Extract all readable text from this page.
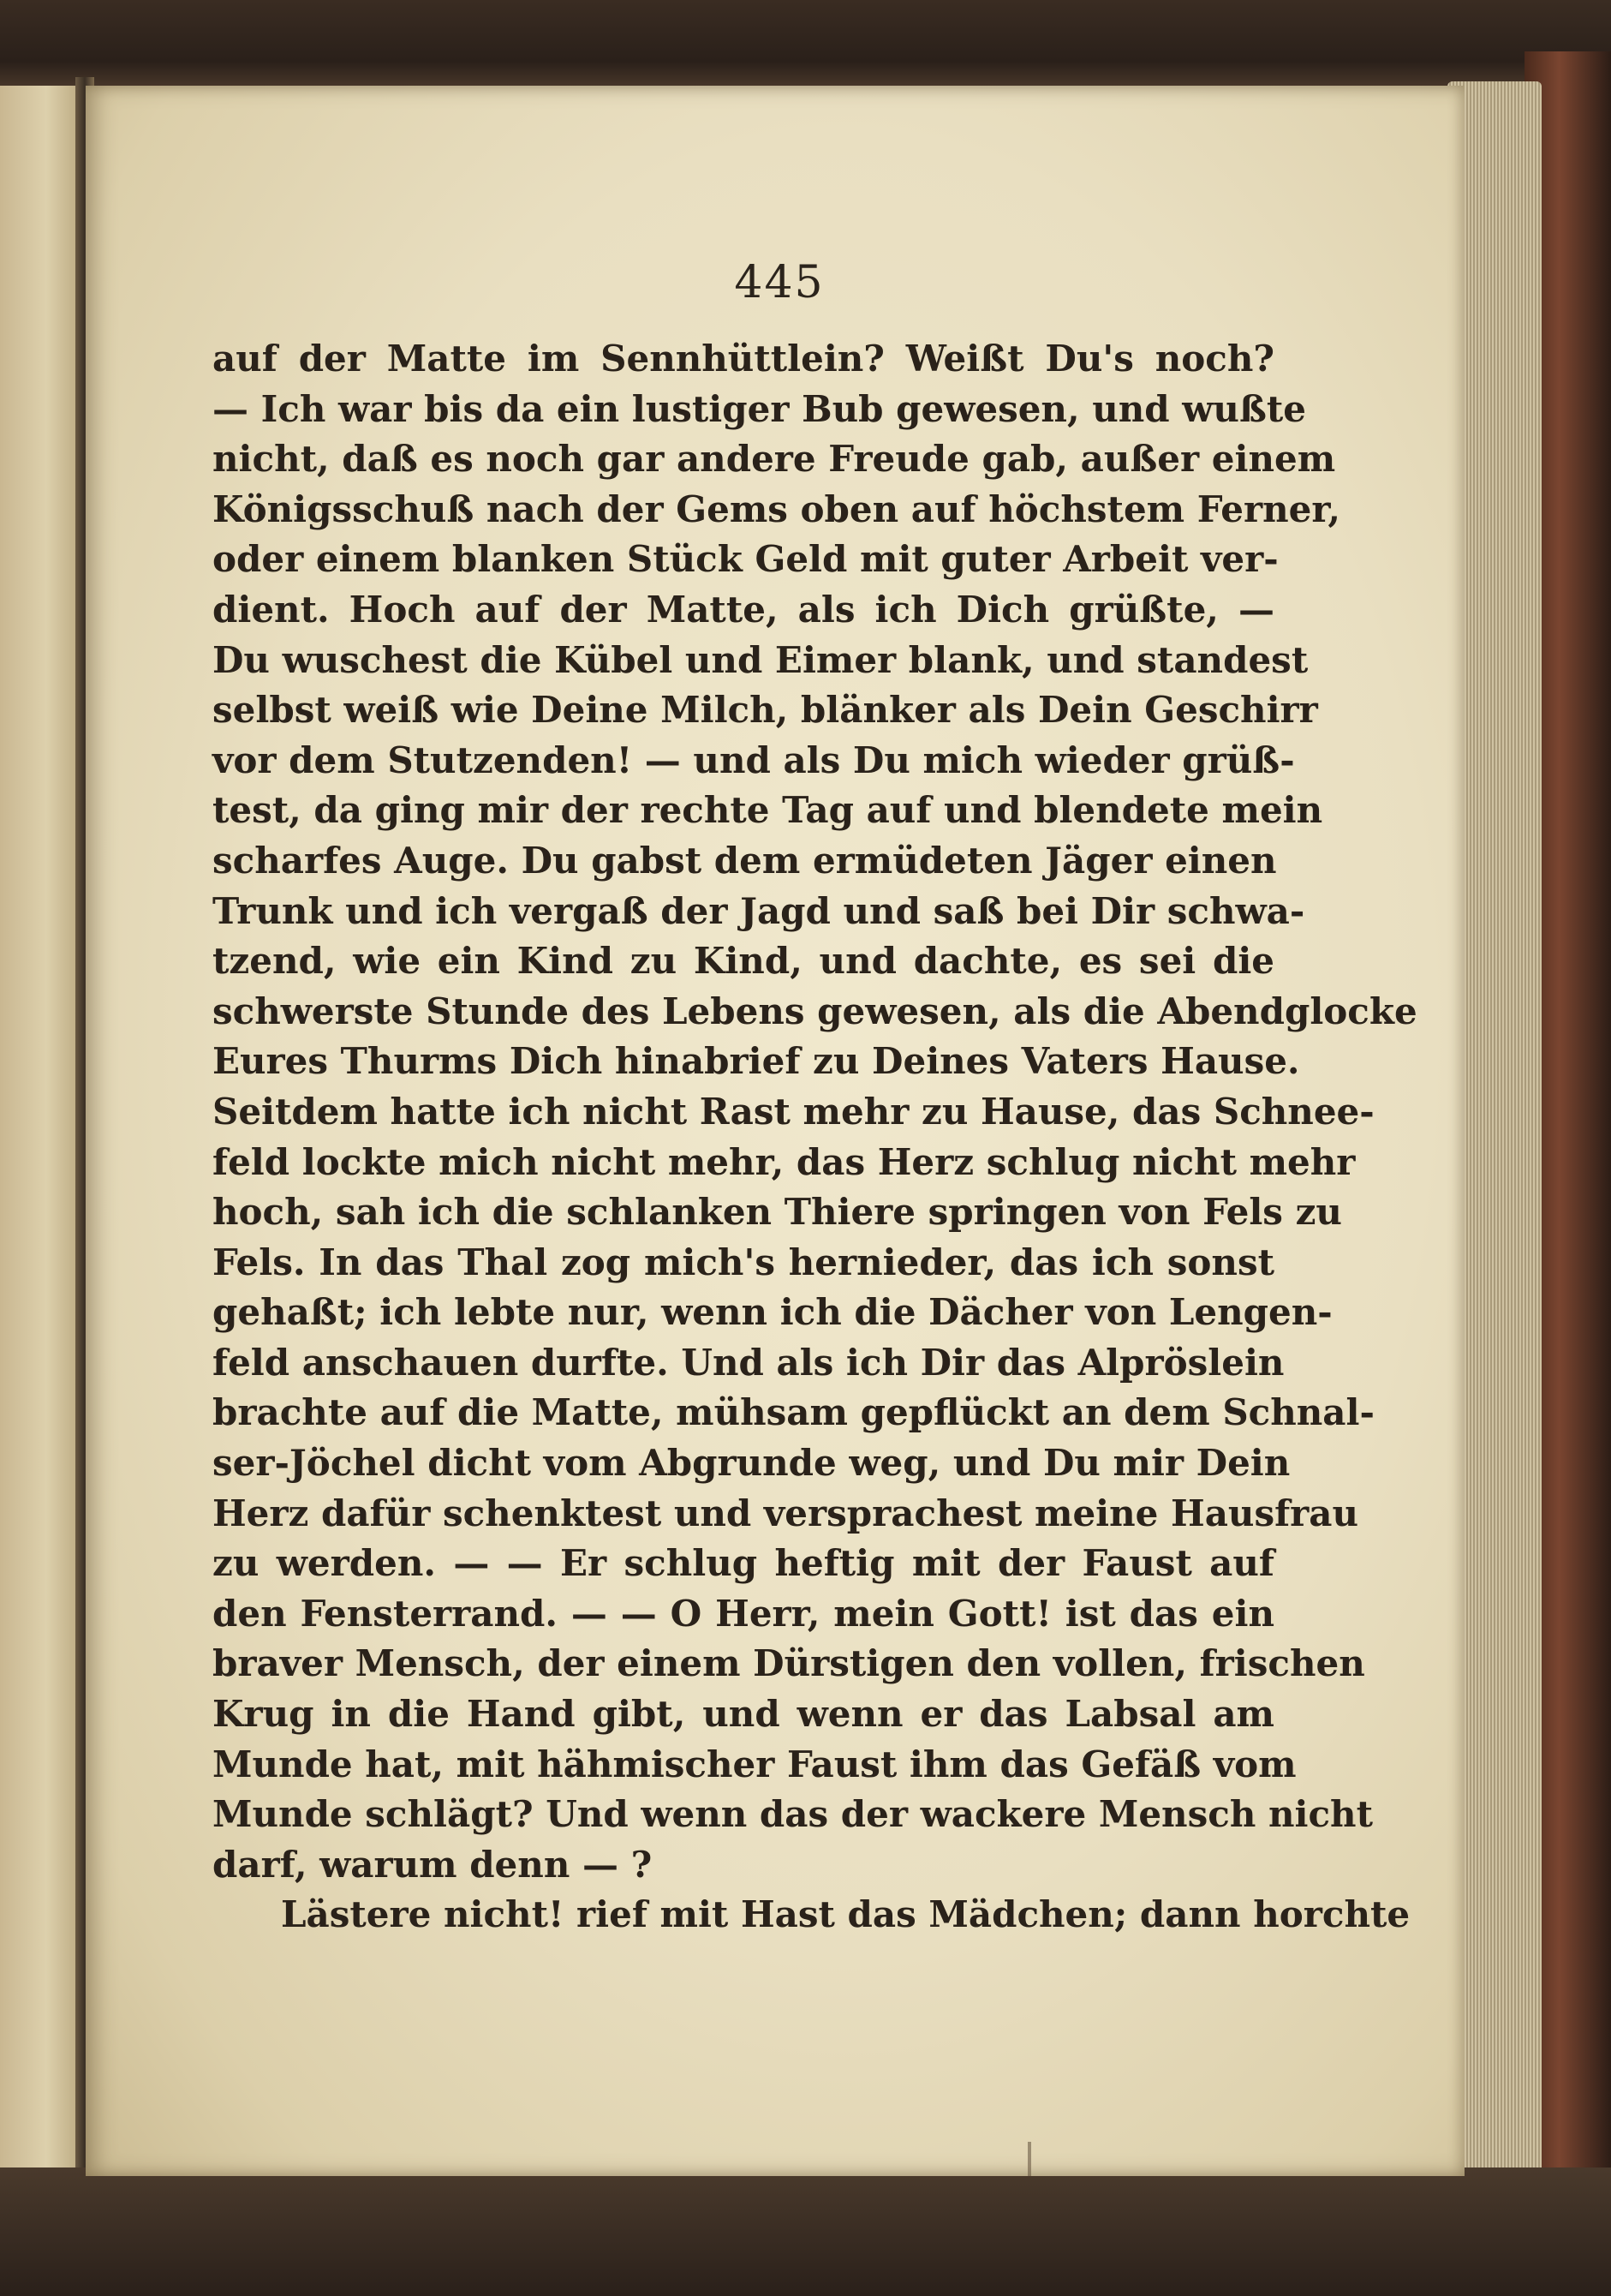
445
auf der Matte im Sennhüttlein? Weißt Du's noch?
— Ich war bis da ein lustiger Bub gewesen, und wußte
nicht, daß es noch gar andere Freude gab, außer einem
Königsschuß nach der Gems oben auf höchstem Ferner,
oder einem blanken Stück Geld mit guter Arbeit ver-
dient. Hoch auf der Matte, als ich Dich grüßte, —
Du wuschest die Kübel und Eimer blank, und standest
selbst weiß wie Deine Milch, blänker als Dein Geschirr
vor dem Stutzenden! — und als Du mich wieder grüß-
test, da ging mir der rechte Tag auf und blendete mein
scharfes Auge. Du gabst dem ermüdeten Jäger einen
Trunk und ich vergaß der Jagd und saß bei Dir schwa-
tzend, wie ein Kind zu Kind, und dachte, es sei die
schwerste Stunde des Lebens gewesen, als die Abendglocke
Eures Thurms Dich hinabrief zu Deines Vaters Hause.
Seitdem hatte ich nicht Rast mehr zu Hause, das Schnee-
feld lockte mich nicht mehr, das Herz schlug nicht mehr
hoch, sah ich die schlanken Thiere springen von Fels zu
Fels. In das Thal zog mich's hernieder, das ich sonst
gehaßt; ich lebte nur, wenn ich die Dächer von Lengen-
feld anschauen durfte. Und als ich Dir das Alpröslein
brachte auf die Matte, mühsam gepflückt an dem Schnal-
ser-Jöchel dicht vom Abgrunde weg, und Du mir Dein
Herz dafür schenktest und versprachest meine Hausfrau
zu werden. — — Er schlug heftig mit der Faust auf
den Fensterrand. — — O Herr, mein Gott! ist das ein
braver Mensch, der einem Dürstigen den vollen, frischen
Krug in die Hand gibt, und wenn er das Labsal am
Munde hat, mit hähmischer Faust ihm das Gefäß vom
Munde schlägt? Und wenn das der wackere Mensch nicht
darf, warum denn — ?
Lästere nicht! rief mit Hast das Mädchen; dann horchte
